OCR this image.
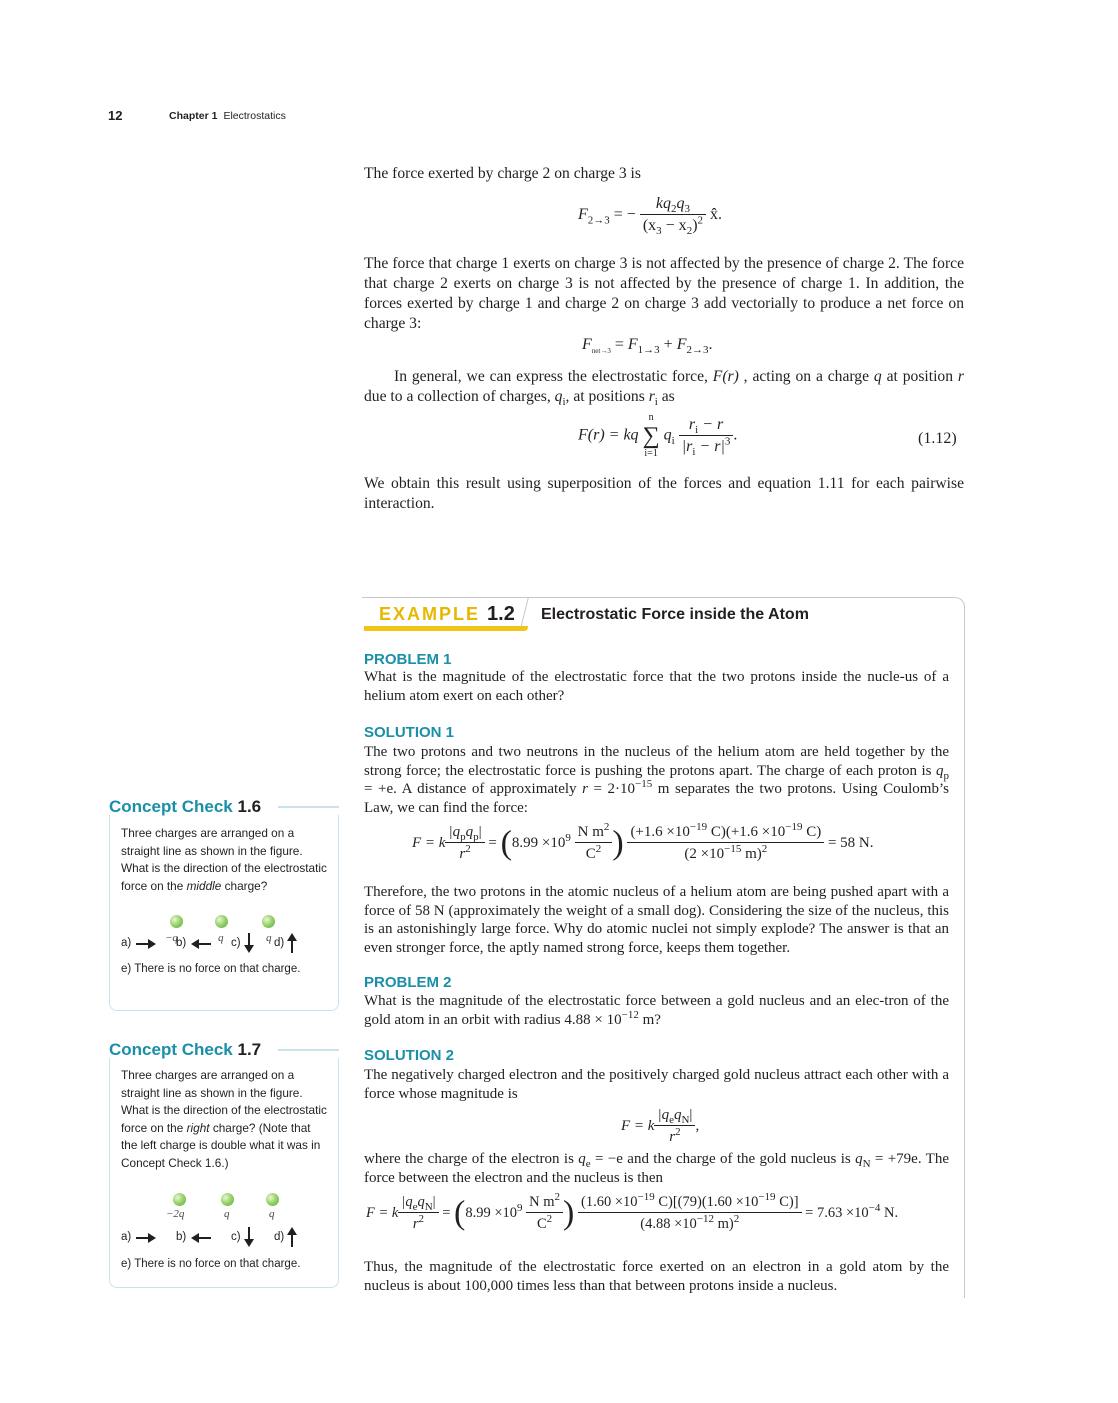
12	Chapter 1 Electrostatics
The force exerted by charge 2 on charge 3 is
$F_{2\to 3}$ = − $\frac{kq_2q_3}{(x_3 - x_2)^2}$ x̂.
The force that charge 1 exerts on charge 3 is not affected by the presence of charge 2. The force that charge 2 exerts on charge 3 is not affected by the presence of charge 1. In addition, the forces exerted by charge 1 and charge 2 on charge 3 add vectorially to produce a net force on charge 3:
$F_{net\to 3} = F_{1\to 3} + F_{2\to 3}$.
In general, we can express the electrostatic force, F(r) , acting on a charge q at position r due to a collection of charges, $q_i$, at positions $r_i$ as
F(r) = kq
n
∑
i=1
$q_i \frac{r_i - r}{|r_i - r|^3}$ .	(1.12)
We obtain this result using superposition of the forces and equation 1.11 for each pairwise interaction.
EXAMPLE 1.2 Electrostatic Force inside the Atom
PROBLEM 1
What is the magnitude of the electrostatic force that the two protons inside the nucle-us of a helium atom exert on each other?
SOLUTION 1
The two protons and two neutrons in the nucleus of the helium atom are held together by the strong force; the electrostatic force is pushing the protons apart. The charge of each proton is $q_p = +e$. A distance of approximately $r = 2\cdot 10^{-15}$ m separates the two protons. Using Coulomb’s Law, we can find the force:
F = k $\frac{|q_pq_p|}{r^2} = (8.99 \times 10^9 \frac{N m^2}{C^2}$ ) $\frac{(+1.6 \times 10^{-19} C)(+1.6 \times 10^{-19} C)}{(2 \times 10^{-15} m)^2} = 58$ N.
Therefore, the two protons in the atomic nucleus of a helium atom are being pushed apart with a force of 58 N (approximately the weight of a small dog). Considering the size of the nucleus, this is an astonishingly large force. Why do atomic nuclei not simply explode? The answer is that an even stronger force, the aptly named strong force, keeps them together.
PROBLEM 2
What is the magnitude of the electrostatic force between a gold nucleus and an elec-tron of the gold atom in an orbit with radius $4.88 \times 10^{-12}$ m?
SOLUTION 2
The negatively charged electron and the positively charged gold nucleus attract each other with a force whose magnitude is
F = k $\frac{|q_eq_N|}{r^2}$ ,
where the charge of the electron is $q_e = -e$ and the charge of the gold nucleus is $q_N = +79e$. The force between the electron and the nucleus is then
F = k $\frac{|q_eq_N|}{r^2} = (8.99 \times 10^9 \frac{N m^2}{C^2}$ ) $\frac{(1.60 \times 10^{-19} C)[(79)(1.60 \times 10^{-19} C)]}{(4.88 \times 10^{-12} m)^2} = 7.63 \times 10^{-4}$ N.
Thus, the magnitude of the electrostatic force exerted on an electron in a gold atom by the nucleus is about 100,000 times less than that between protons inside a nucleus.
Concept Check 1.6
Three charges are arranged on a straight line as shown in the figure. What is the direction of the electrostatic force on the middle charge?
−q	q	q
a)	b)	c)	d)
e) There is no force on that charge.
Concept Check 1.7
Three charges are arranged on a straight line as shown in the figure. What is the direction of the electrostatic force on the right charge? (Note that the left charge is double what it was in Concept Check 1.6.)
−2q	q	q
a)	b)	c)	d)
e) There is no force on that charge.
